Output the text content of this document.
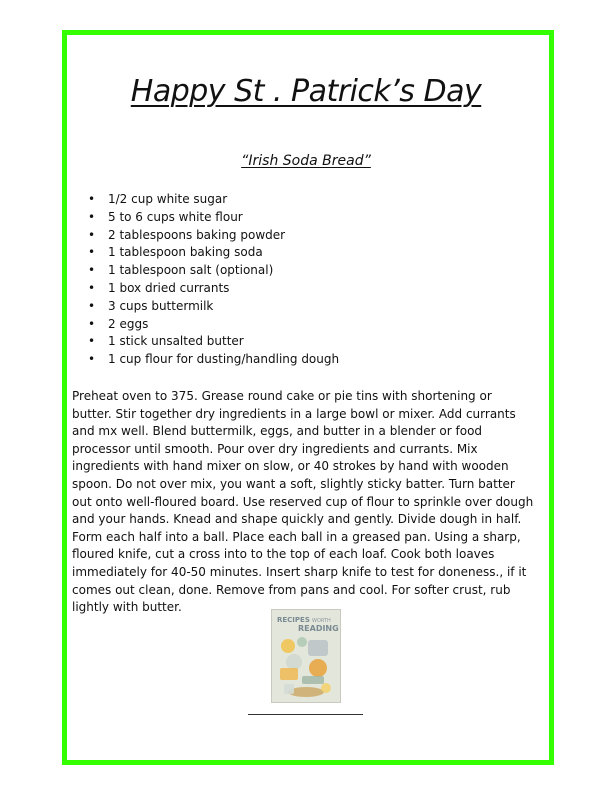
Happy St . Patrick’s Day
“Irish Soda Bread”
• 1/2 cup white sugar
• 5 to 6 cups white flour
• 2 tablespoons baking powder
• 1 tablespoon baking soda
• 1 tablespoon salt (optional)
• 1 box dried currants
• 3 cups buttermilk
• 2 eggs
• 1 stick unsalted butter
• 1 cup flour for dusting/handling dough

Preheat oven to 375. Grease round cake or pie tins with shortening or butter. Stir together dry ingredients in a large bowl or mixer. Add currants and mx well. Blend buttermilk, eggs, and butter in a blender or food processor until smooth. Pour over dry ingredients and currants. Mix ingredients with hand mixer on slow, or 40 strokes by hand with wooden spoon. Do not over mix, you want a soft, slightly sticky batter. Turn batter out onto well-floured board. Use reserved cup of flour to sprinkle over dough and your hands. Knead and shape quickly and gently. Divide dough in half. Form each half into a ball. Place each ball in a greased pan. Using a sharp, floured knife, cut a cross into to the top of each loaf. Cook both loaves immediately for 40-50 minutes. Insert sharp knife to test for doneness., if it comes out clean, done. Remove from pans and cool. For softer crust, rub lightly with butter.

RECIPES WORTH
READING
